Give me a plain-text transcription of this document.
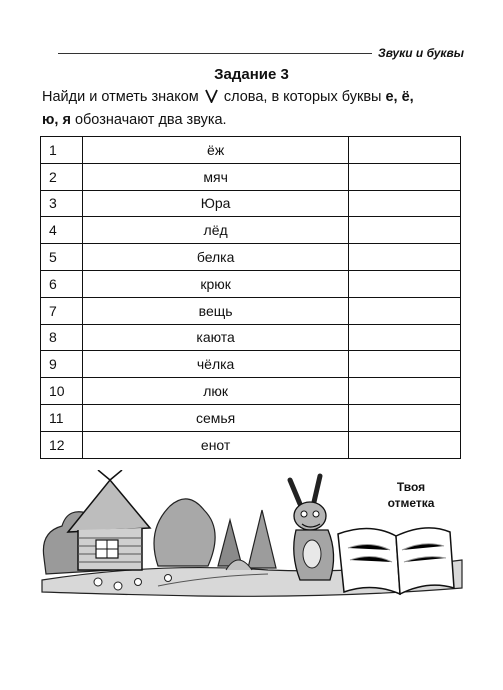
Звуки и буквы
Задание 3
Найди и отметь знаком слова, в которых буквы е, ё,
ю, я обозначают два звука.
1	ёж	
2	мяч	
3	Юра	
4	лёд	
5	белка	
6	крюк	
7	вещь	
8	каюта	
9	чёлка	
10	люк	
11	семья	
12	енот	
Твоя
отметка
